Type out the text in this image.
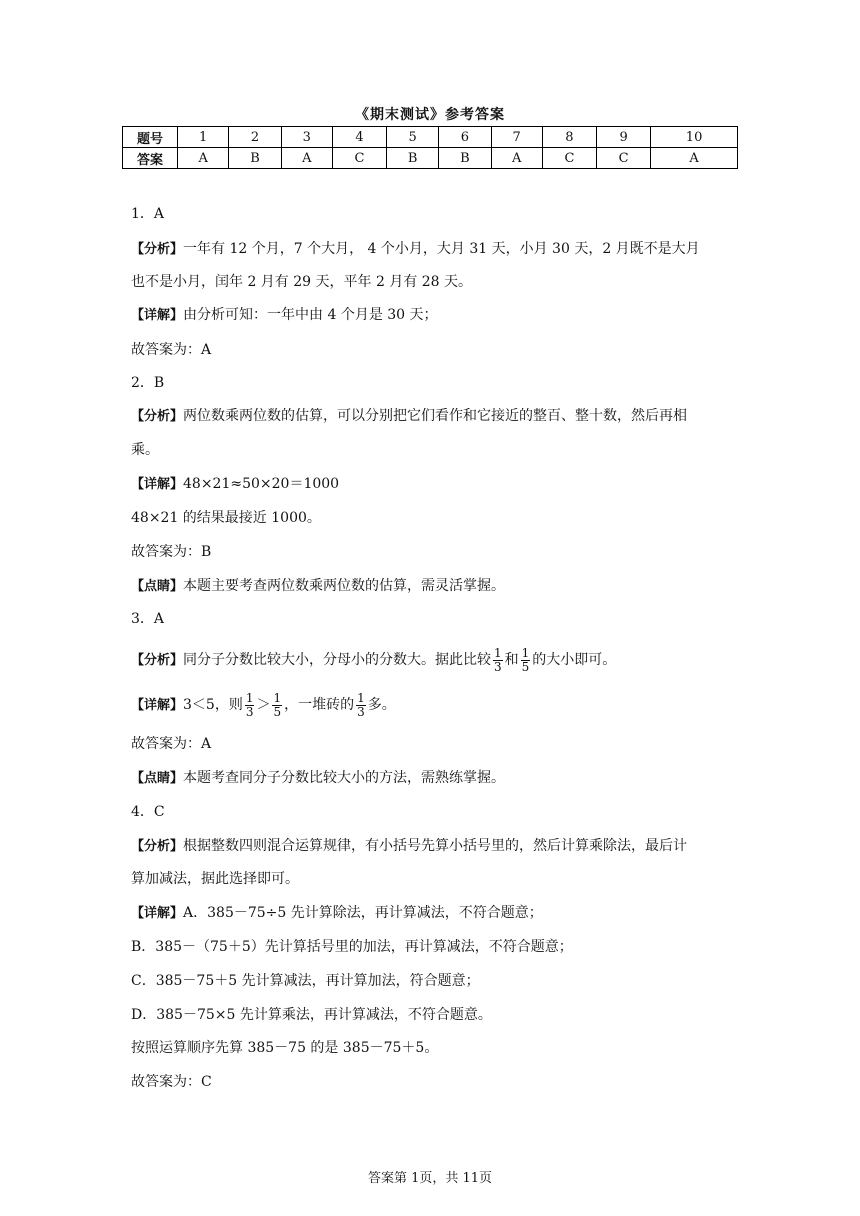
《期末测试》参考答案
题号	1	2	3	4	5	6	7	8	9	10
答案	A	B	A	C	B	B	A	C	C	A
1．A
【分析】一年有 12 个月，7 个大月， 4 个小月，大月 31 天，小月 30 天，2 月既不是大月
也不是小月，闰年 2 月有 29 天，平年 2 月有 28 天。
【详解】由分析可知：一年中由 4 个月是 30 天；
故答案为：A
2．B
【分析】两位数乘两位数的估算，可以分别把它们看作和它接近的整百、整十数，然后再相
乘。
【详解】48×21≈50×20＝1000
48×21 的结果最接近 1000。
故答案为：B
【点睛】本题主要考查两位数乘两位数的估算，需灵活掌握。
3．A
【分析】同分子分数比较大小，分母小的分数大。据此比较 $\frac{1}{3}$ 和 $\frac{1}{5}$ 的大小即可。
【详解】3＜5，则 $\frac{1}{3} > \frac{1}{5}$ ，一堆砖的 $\frac{1}{3}$ 多。
故答案为：A
【点睛】本题考查同分子分数比较大小的方法，需熟练掌握。
4．C
【分析】根据整数四则混合运算规律，有小括号先算小括号里的，然后计算乘除法，最后计
算加减法，据此选择即可。
【详解】A．385－75÷5 先计算除法，再计算减法，不符合题意；
B．385－（75＋5）先计算括号里的加法，再计算减法，不符合题意；
C．385－75＋5 先计算减法，再计算加法，符合题意；
D．385－75×5 先计算乘法，再计算减法，不符合题意。
按照运算顺序先算 385－75 的是 385－75＋5。
故答案为：C
答案第 1页，共 11页
